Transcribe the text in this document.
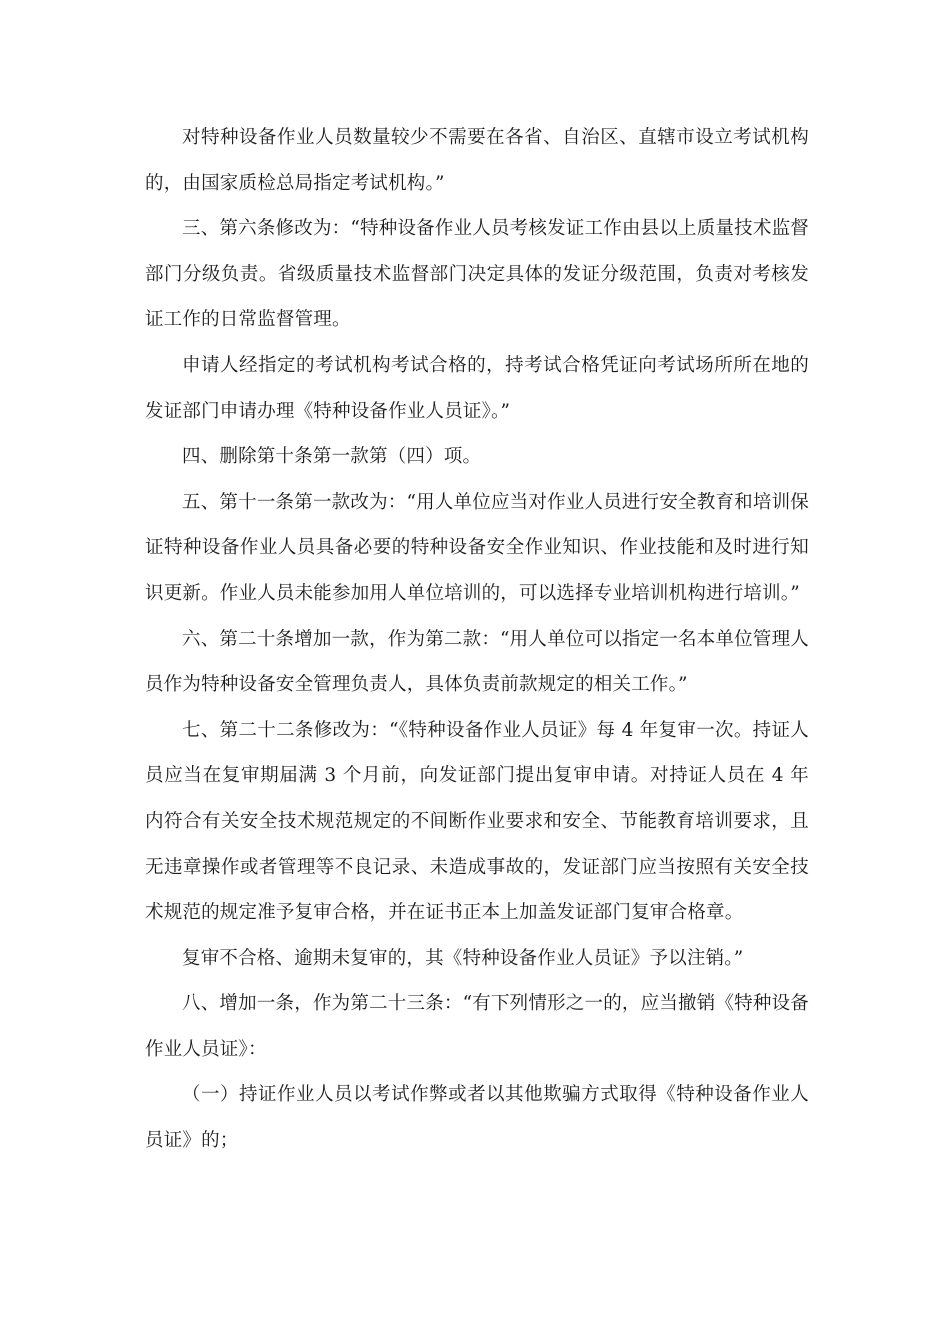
对特种设备作业人员数量较少不需要在各省、自治区、直辖市设立考试机构的，由国家质检总局指定考试机构。”

三、第六条修改为：“特种设备作业人员考核发证工作由县以上质量技术监督部门分级负责。省级质量技术监督部门决定具体的发证分级范围，负责对考核发证工作的日常监督管理。

申请人经指定的考试机构考试合格的，持考试合格凭证向考试场所所在地的发证部门申请办理《特种设备作业人员证》。”

四、删除第十条第一款第（四）项。

五、第十一条第一款改为：“用人单位应当对作业人员进行安全教育和培训保证特种设备作业人员具备必要的特种设备安全作业知识、作业技能和及时进行知识更新。作业人员未能参加用人单位培训的，可以选择专业培训机构进行培训。”

六、第二十条增加一款，作为第二款：“用人单位可以指定一名本单位管理人员作为特种设备安全管理负责人，具体负责前款规定的相关工作。”

七、第二十二条修改为：“《特种设备作业人员证》每 4 年复审一次。持证人员应当在复审期届满 3 个月前，向发证部门提出复审申请。对持证人员在 4 年内符合有关安全技术规范规定的不间断作业要求和安全、节能教育培训要求，且无违章操作或者管理等不良记录、未造成事故的，发证部门应当按照有关安全技术规范的规定准予复审合格，并在证书正本上加盖发证部门复审合格章。

复审不合格、逾期未复审的，其《特种设备作业人员证》予以注销。”

八、增加一条，作为第二十三条：“有下列情形之一的，应当撤销《特种设备作业人员证》：

（一）持证作业人员以考试作弊或者以其他欺骗方式取得《特种设备作业人员证》的；
